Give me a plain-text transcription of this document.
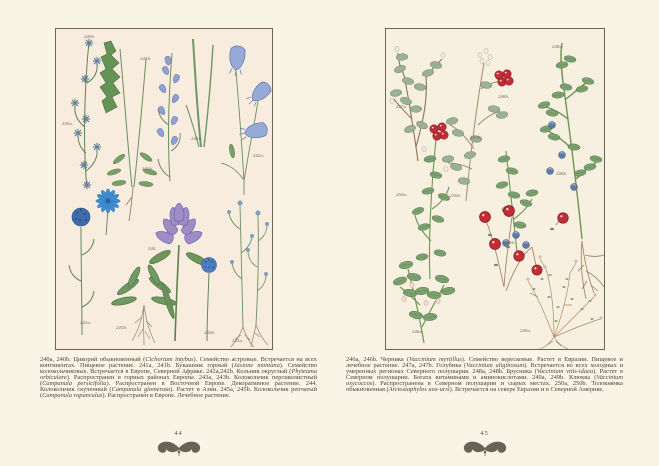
240b.
243b.
240a.
243a.
242a.
241b.
244.
241a.
245b.
242b.
245a.
248a.
248b.
247a.
247b.
246b.
250a.	250b.
249b.
246a.	249a.

240a, 240b. Цикорий обыкновенный (Cichorium intybus). Семейство астровые. Встречается на всех континентах. Пищевое растение. 241a, 241b. Букашник горный (Jasione montana). Семейство колокольчиковые. Встречается в Европе, Северной Африке. 242a,242b. Кольник округлый (Phyteuma orbiculare). Распространен в горных районах Европы. 243a, 243b. Колокольчик персиколистный (Campanula persicifolia). Распространен в Восточной Европе. Декоративное растение. 244. Колокольчик скученный (Campanula glomerata). Растет в Азии. 245a, 245b. Колокольчик репчатый (Campanula rapunculus). Распространен в Европе. Лечебное растение.

246a, 246b. Черника (Vaccinium myrtillus). Семейство вересковые. Растет в Евразии. Пищевое и лечебное растение. 247a, 247b. Голубика (Vaccinium uliginosum). Встречается во всех холодных и умеренных регионах Северного полушария. 248a, 248b. Брусника (Vaccinium vitis-idaea). Растет в Северном полушарии. Богата витаминами и аминокислотами. 249a, 249b. Клюква (Vaccinium oxycoccos). Распространена в Северном полушарии и сырых местах. 250a, 250b. Толокнянка обыкновенная (Arctostaphylos uva-ursi). Встречается на севере Евразии и в Северной Америке.

44	45
